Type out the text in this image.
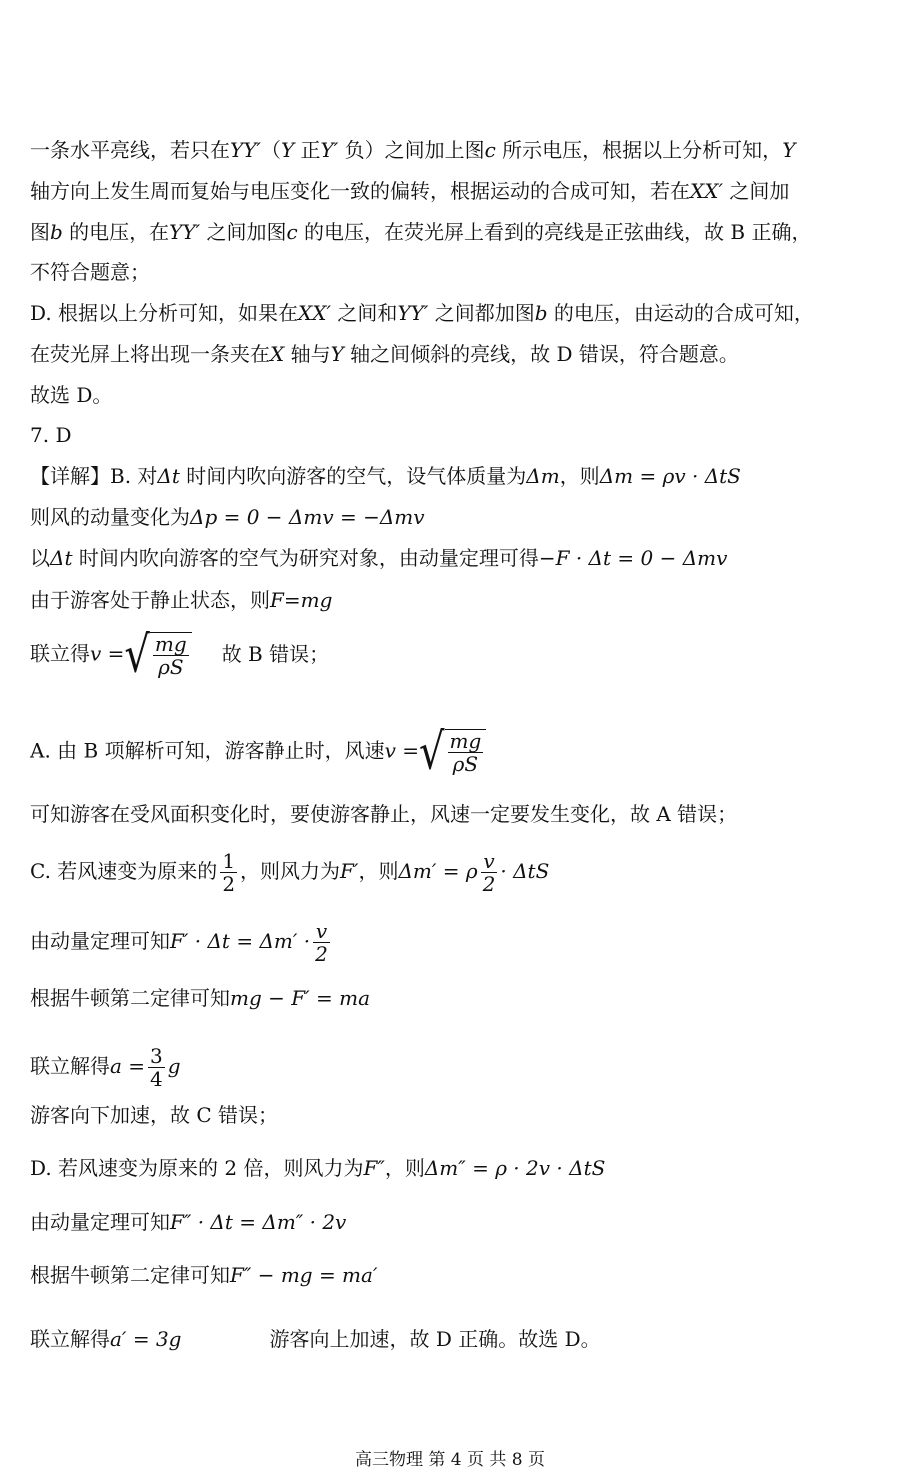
一条水平亮线，若只在YY′（Y 正Y′ 负）之间加上图c 所示电压，根据以上分析可知，Y
轴方向上发生周而复始与电压变化一致的偏转，根据运动的合成可知，若在XX′ 之间加
图b 的电压，在YY′ 之间加图c 的电压，在荧光屏上看到的亮线是正弦曲线，故 B 正确，
不符合题意；
D. 根据以上分析可知，如果在XX′ 之间和YY′ 之间都加图b 的电压，由运动的合成可知，
在荧光屏上将出现一条夹在X 轴与Y 轴之间倾斜的亮线，故 D 错误，符合题意。
故选 D。
7. D
【详解】B. 对Δt 时间内吹向游客的空气，设气体质量为Δm，则Δm = ρv · ΔtS
则风的动量变化为Δp = 0 − Δmv = −Δmv
以Δt 时间内吹向游客的空气为研究对象，由动量定理可得−F · Δt = 0 − Δmv
由于游客处于静止状态，则F=mg
联立得v =√ $\frac{mg}{\rho S}$ 故 B 错误；
A. 由 B 项解析可知，游客静止时，风速v =√ $\frac{mg}{\rho S}$
可知游客在受风面积变化时，要使游客静止，风速一定要发生变化，故 A 错误；
C. 若风速变为原来的 $\frac{1}{2}$ ，则风力为F′，则Δm′ = ρ $\frac{v}{2} \cdot \Delta tS$
由动量定理可知$F' \cdot \Delta t = \Delta m' \cdot \frac{v}{2}$
根据牛顿第二定律可知mg − F′ = ma
联立解得$a = \frac{3}{4}$ g
游客向下加速，故 C 错误；
D. 若风速变为原来的 2 倍，则风力为F″，则Δm″ = ρ · 2v · ΔtS
由动量定理可知F″ · Δt = Δm″ · 2v
根据牛顿第二定律可知F″ − mg = ma′
联立解得a′ = 3g	游客向上加速，故 D 正确。故选 D。
高三物理 第 4 页 共 8 页
